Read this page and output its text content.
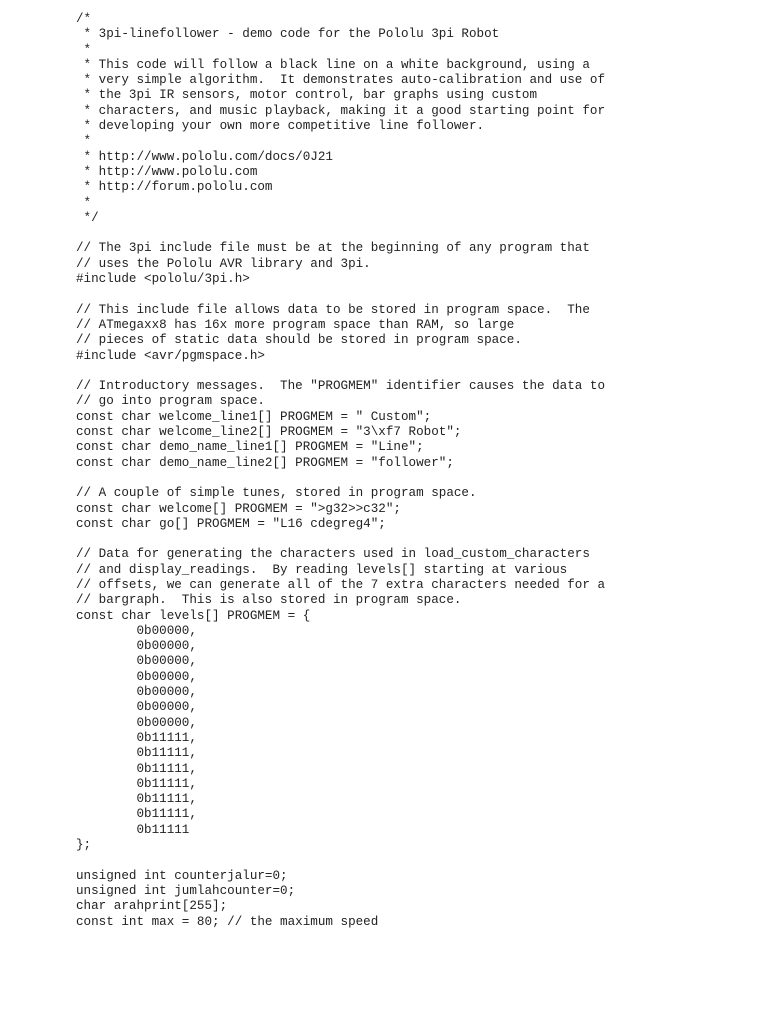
/*
* 3pi-linefollower - demo code for the Pololu 3pi Robot
*
* This code will follow a black line on a white background, using a
* very simple algorithm.  It demonstrates auto-calibration and use of
* the 3pi IR sensors, motor control, bar graphs using custom
* characters, and music playback, making it a good starting point for
* developing your own more competitive line follower.
*
* http://www.pololu.com/docs/0J21
* http://www.pololu.com
* http://forum.pololu.com
*
*/
// The 3pi include file must be at the beginning of any program that
// uses the Pololu AVR library and 3pi.
#include <pololu/3pi.h>
// This include file allows data to be stored in program space.  The
// ATmegaxx8 has 16x more program space than RAM, so large
// pieces of static data should be stored in program space.
#include <avr/pgmspace.h>
// Introductory messages.  The "PROGMEM" identifier causes the data to
// go into program space.
const char welcome_line1[] PROGMEM = " Custom";
const char welcome_line2[] PROGMEM = "3\xf7 Robot";
const char demo_name_line1[] PROGMEM = "Line";
const char demo_name_line2[] PROGMEM = "follower";
// A couple of simple tunes, stored in program space.
const char welcome[] PROGMEM = ">g32>>c32";
const char go[] PROGMEM = "L16 cdegreg4";
// Data for generating the characters used in load_custom_characters
// and display_readings.  By reading levels[] starting at various
// offsets, we can generate all of the 7 extra characters needed for a
// bargraph.  This is also stored in program space.
const char levels[] PROGMEM = {
0b00000,
0b00000,
0b00000,
0b00000,
0b00000,
0b00000,
0b00000,
0b11111,
0b11111,
0b11111,
0b11111,
0b11111,
0b11111,
0b11111
};
unsigned int counterjalur=0;
unsigned int jumlahcounter=0;
char arahprint[255];
const int max = 80; // the maximum speed
